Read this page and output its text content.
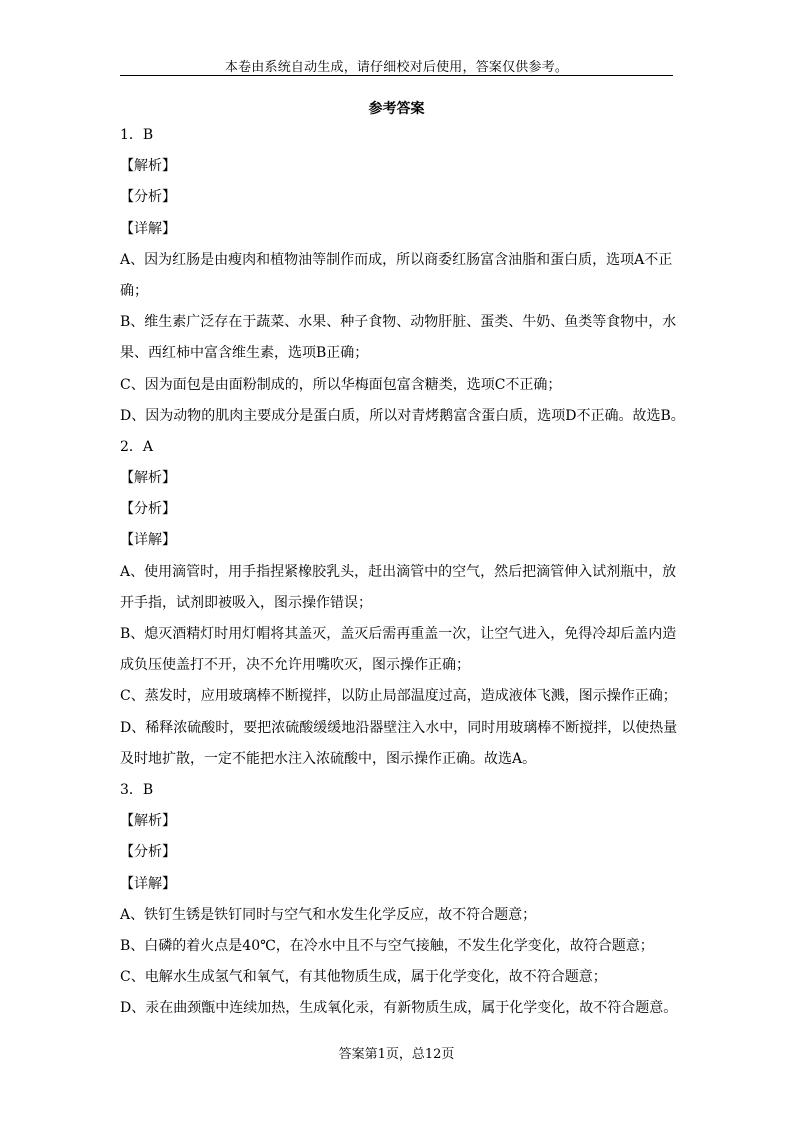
本卷由系统自动生成，请仔细校对后使用，答案仅供参考。
参考答案
1．B
【解析】
【分析】
【详解】
A、因为红肠是由瘦肉和植物油等制作而成，所以商委红肠富含油脂和蛋白质，选项A不正
确；
B、维生素广泛存在于蔬菜、水果、种子食物、动物肝脏、蛋类、牛奶、鱼类等食物中，水
果、西红柿中富含维生素，选项B正确；
C、因为面包是由面粉制成的，所以华梅面包富含糖类，选项C不正确；
D、因为动物的肌肉主要成分是蛋白质，所以对青烤鹅富含蛋白质，选项D不正确。故选B。
2．A
【解析】
【分析】
【详解】
A、使用滴管时，用手指捏紧橡胶乳头，赶出滴管中的空气，然后把滴管伸入试剂瓶中，放
开手指，试剂即被吸入，图示操作错误；
B、熄灭酒精灯时用灯帽将其盖灭，盖灭后需再重盖一次，让空气进入，免得冷却后盖内造
成负压使盖打不开，决不允许用嘴吹灭，图示操作正确；
C、蒸发时，应用玻璃棒不断搅拌，以防止局部温度过高，造成液体飞溅，图示操作正确；
D、稀释浓硫酸时，要把浓硫酸缓缓地沿器壁注入水中，同时用玻璃棒不断搅拌，以使热量
及时地扩散，一定不能把水注入浓硫酸中，图示操作正确。故选A。
3．B
【解析】
【分析】
【详解】
A、铁钉生锈是铁钉同时与空气和水发生化学反应，故不符合题意；
B、白磷的着火点是40℃，在冷水中且不与空气接触，不发生化学变化，故符合题意；
C、电解水生成氢气和氧气，有其他物质生成，属于化学变化，故不符合题意；
D、汞在曲颈甑中连续加热，生成氧化汞，有新物质生成，属于化学变化，故不符合题意。
答案第1页，总12页
